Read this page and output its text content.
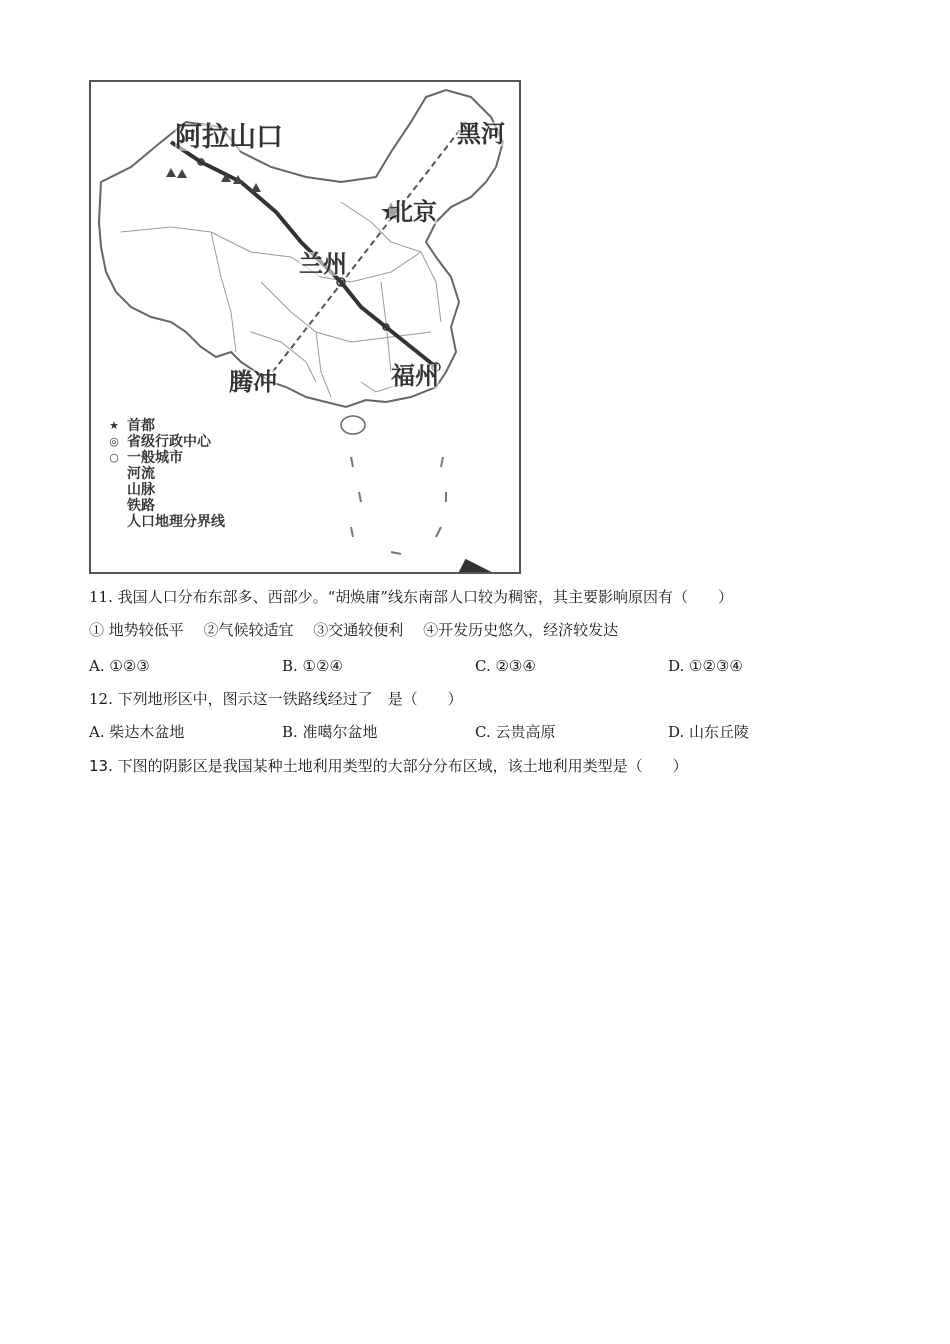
阿拉山口	黑河
北京
兰州
腾冲	福州
★ 首都
◎ 省级行政中心
○ 一般城市
河流
山脉
铁路
人口地理分界线
11. 我国人口分布东部多、西部少。“胡焕庸”线东南部人口较为稠密，其主要影响原因有（　　）
① 地势较低平　 ②气候较适宜　 ③交通较便利　 ④开发历史悠久，经济较发达
A. ①②③	B. ①②④	C. ②③④	D. ①②③④
12. 下列地形区中，图示这一铁路线经过了　是（　　）
A. 柴达木盆地	B. 准噶尔盆地	C. 云贵高原	D. 山东丘陵
13. 下图的阴影区是我国某种土地利用类型的大部分分布区域，该土地利用类型是（　　）
